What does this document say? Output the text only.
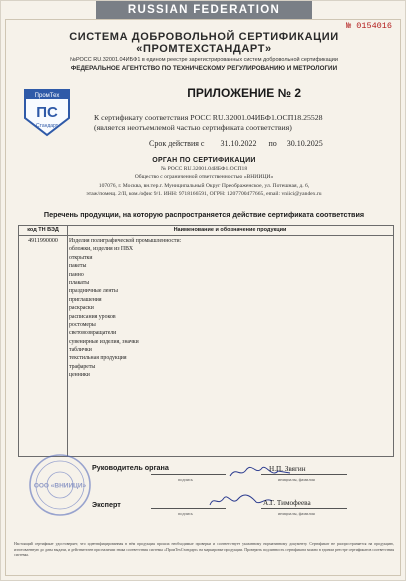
RUSSIAN FEDERATION
№ 0154016
СИСТЕМА ДОБРОВОЛЬНОЙ СЕРТИФИКАЦИИ
«ПРОМТЕХСТАНДАРТ»
№РОСС RU.32001.04ИБФ1 в едином реестре зарегистрированных систем добровольной сертификации
ФЕДЕРАЛЬНОЕ АГЕНТСТВО ПО ТЕХНИЧЕСКОМУ РЕГУЛИРОВАНИЮ И МЕТРОЛОГИИ
ПромТех
ПС
Стандарт
ПРИЛОЖЕНИЕ № 2
К сертификату соответствия РОСС RU.32001.04ИБФ1.ОСП18.25528
(является неотъемлемой частью сертификата соответствия)
Срок действия с 31.10.2022 по 30.10.2025
ОРГАН ПО СЕРТИФИКАЦИИ
№ РОСС RU.32001.04ИБФ1.ОСП18
Общество с ограниченной ответственностью «ВНИИЦИ»
107076, г. Москва, вн.тер.г. Муниципальный Округ Преображенское, ул. Потешная, д. 6,
этаж/помещ. 2/II, ком./офис 9/1. ИНН: 9718166591, ОГРН: 1207700477665, email: vniici@yandex.ru
Перечень продукции, на которую распространяется действие сертификата соответствия
код ТН ВЭД	Наименование и обозначение продукции
4911990000	Изделия полиграфической промышленности:
обложки, изделия из ПВХ
открытки
пакеты
панно
плакаты
праздничные ленты
приглашения
раскраски
расписания уроков
ростомеры
световозвращатели
сувенирные изделия, значки
таблички
текстильная продукция
трафареты
ценники
ООО «ВНИИЦИ»
Руководитель органа
Эксперт
Н.П. Звягин
А.Г. Тимофеева
подпись	инициалы, фамилия
подпись	инициалы, фамилия
Настоящий сертификат удостоверяет, что идентифицированная в нём продукция прошла необходимые проверки и соответствует указанному нормативному документу. Сертификат не распространяется на продукцию, изготовленную до даты выдачи, и действителен при наличии знака соответствия системы «ПромТехСтандарт» на маркировке продукции. Проверить подлинность сертификата можно в едином реестре сертификатов соответствия системы.
